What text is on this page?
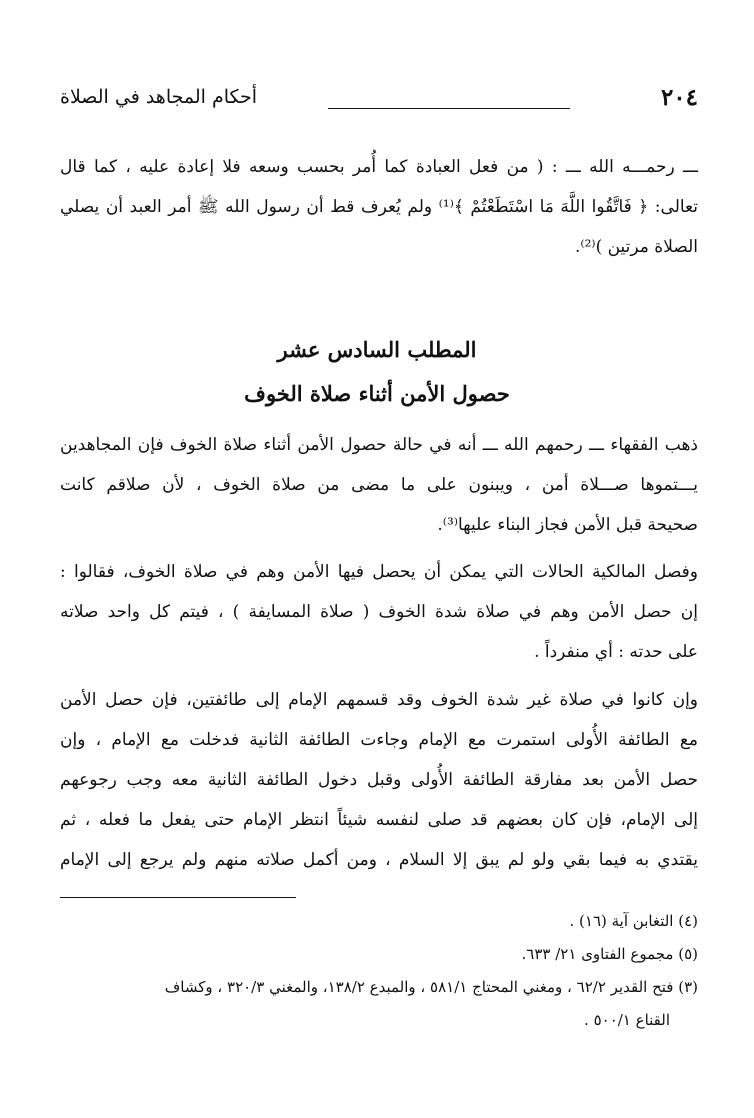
٢٠٤
أحكام المجاهد في الصلاة
ـــ رحمـــه الله ـــ : ( من فعل العبادة كما أُمر بحسب وسعه فلا إعادة عليه ، كما قال
تعالى: ﴿ فَاتَّقُوا اللَّهَ مَا اسْتَطَعْتُمْ ﴾⁽¹⁾ ولم يُعرف قط أن رسول الله ﷺ أمر العبد أن يصلي
الصلاة مرتين )⁽²⁾.
المطلب السادس عشر
حصول الأمن أثناء صلاة الخوف
ذهب الفقهاء ـــ رحمهم الله ـــ أنه في حالة حصول الأمن أثناء صلاة الخوف فإن المجاهدين
يـــتموها صـــلاة أمن ، ويبنون على ما مضى من صلاة الخوف ، لأن صلاقم كانت
صحيحة قبل الأمن فجاز البناء عليها⁽³⁾.
وفصل المالكية الحالات التي يمكن أن يحصل فيها الأمن وهم في صلاة الخوف، فقالوا :
إن حصل الأمن وهم في صلاة شدة الخوف ( صلاة المسايفة ) ، فيتم كل واحد صلاته
على حدته : أي منفرداً .
وإن كانوا في صلاة غير شدة الخوف وقد قسمهم الإمام إلى طائفتين، فإن حصل الأمن
مع الطائفة الأُولى استمرت مع الإمام وجاءت الطائفة الثانية فدخلت مع الإمام ، وإن
حصل الأمن بعد مفارقة الطائفة الأُولى وقبل دخول الطائفة الثانية معه وجب رجوعهم
إلى الإمام، فإن كان بعضهم قد صلى لنفسه شيئاً انتظر الإمام حتى يفعل ما فعله ، ثم
يقتدي به فيما بقي ولو لم يبق إلا السلام ، ومن أكمل صلاته منهم ولم يرجع إلى الإمام
(٤) التغابن آية (١٦) .
(٥) مجموع الفتاوى ٢١/ ٦٣٣.
(٣) فتح القدير ٦٢/٢ ، ومغني المحتاج ٥٨١/١ ، والمبدع ١٣٨/٢، والمغني ٣٢٠/٣ ، وكشاف
القناع ٥٠٠/١ .
